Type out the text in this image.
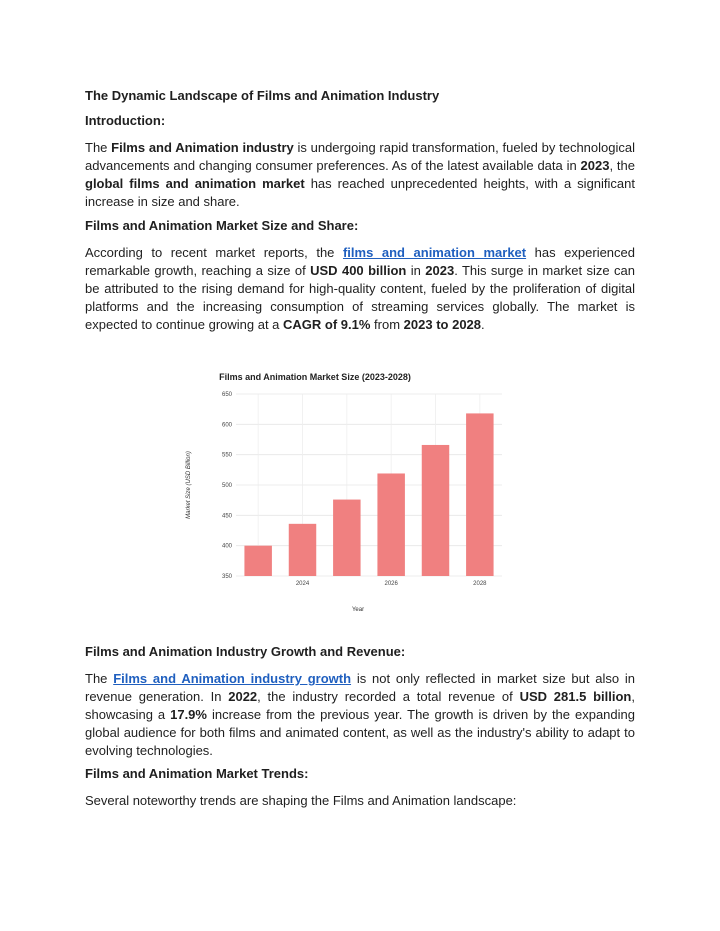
The Dynamic Landscape of Films and Animation Industry

Introduction:

The Films and Animation industry is undergoing rapid transformation, fueled by technological advancements and changing consumer preferences. As of the latest available data in 2023, the global films and animation market has reached unprecedented heights, with a significant increase in size and share.

Films and Animation Market Size and Share:

According to recent market reports, the films and animation market has experienced remarkable growth, reaching a size of USD 400 billion in 2023. This surge in market size can be attributed to the rising demand for high-quality content, fueled by the proliferation of digital platforms and the increasing consumption of streaming services globally. The market is expected to continue growing at a CAGR of 9.1% from 2023 to 2028.

Films and Animation Industry Growth and Revenue:

The Films and Animation industry growth is not only reflected in market size but also in revenue generation. In 2022, the industry recorded a total revenue of USD 281.5 billion, showcasing a 17.9% increase from the previous year. The growth is driven by the expanding global audience for both films and animated content, as well as the industry's ability to adapt to evolving technologies.

Films and Animation Market Trends:

Several noteworthy trends are shaping the Films and Animation landscape:

Films and Animation Market Size (2023-2028)
650
600
550
500
450
400
350
2024	2026	2028
Market Size (USD Billion)
Year
